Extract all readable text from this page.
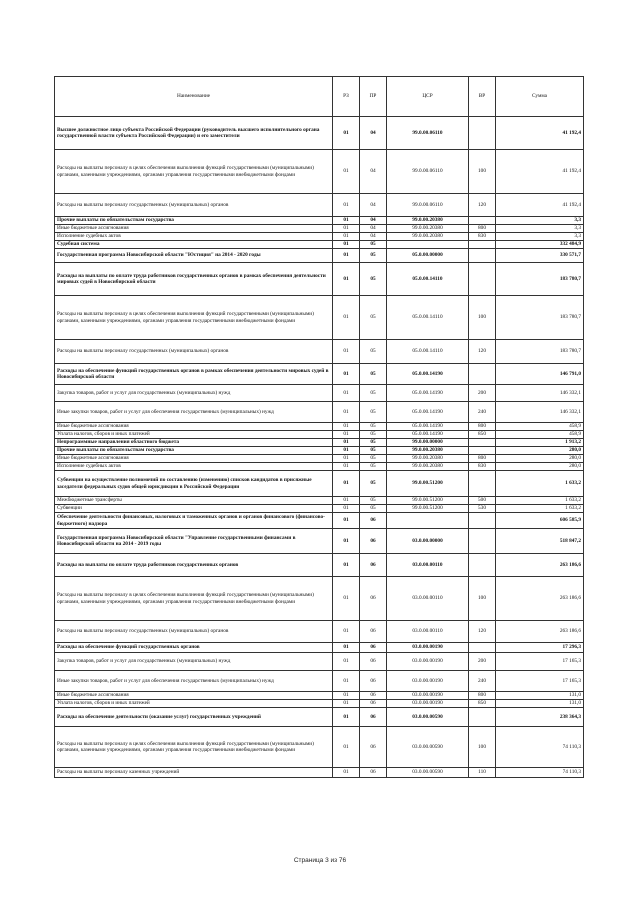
Наименование	РЗ	ПР	ЦСР	ВР	Сумма
Высшее должностное лицо субъекта Российской Федерации (руководитель высшего исполнительного органа государственной власти субъекта Российской Федерации) и его заместители	01	04	99.0.00.06110		41 192,4
Расходы на выплаты персоналу в целях обеспечения выполнения функций государственными (муниципальными) органами, казенными учреждениями, органами управления государственными внебюджетными фондами	01	04	99.0.00.06110	100	41 192,4
Расходы на выплаты персоналу государственных (муниципальных) органов	01	04	99.0.00.06110	120	41 192,4
Прочие выплаты по обязательствам государства	01	04	99.0.00.20380		3,3
Иные бюджетные ассигнования	01	04	99.0.00.20380	800	3,3
Исполнение судебных актов	01	04	99.0.00.20380	830	3,3
Судебная система	01	05			332 484,9
Государственная программа Новосибирской области "Юстиция" на 2014 - 2020 годы	01	05	05.0.00.00000		330 571,7
Расходы на выплаты по оплате труда работников государственных органов в рамках обеспечения деятельности мировых судей в Новосибирской области	01	05	05.0.00.14110		183 780,7
Расходы на выплаты персоналу в целях обеспечения выполнения функций государственными (муниципальными) органами, казенными учреждениями, органами управления государственными внебюджетными фондами	01	05	05.0.00.14110	100	183 780,7
Расходы на выплаты персоналу государственных (муниципальных) органов	01	05	05.0.00.14110	120	183 780,7
Расходы на обеспечение функций государственных органов в рамках обеспечения деятельности мировых судей в Новосибирской области	01	05	05.0.00.14190		146 791,0
Закупка товаров, работ и услуг для государственных (муниципальных) нужд	01	05	05.0.00.14190	200	146 332,1
Иные закупки товаров, работ и услуг для обеспечения государственных (муниципальных) нужд	01	05	05.0.00.14190	240	146 332,1
Иные бюджетные ассигнования	01	05	05.0.00.14190	800	458,9
Уплата налогов, сборов и иных платежей	01	05	05.0.00.14190	850	458,9
Непрограммные направления областного бюджета	01	05	99.0.00.00000		1 913,2
Прочие выплаты по обязательствам государства	01	05	99.0.00.20380		280,0
Иные бюджетные ассигнования	01	05	99.0.00.20380	800	280,0
Исполнение судебных актов	01	05	99.0.00.20380	830	280,0
Субвенции на осуществление полномочий по составлению (изменению) списков кандидатов в присяжные заседатели федеральных судов общей юрисдикции в Российской Федерации	01	05	99.0.00.51200		1 633,2
Межбюджетные трансферты	01	05	99.0.00.51200	500	1 633,2
Субвенции	01	05	99.0.00.51200	530	1 633,2
Обеспечение деятельности финансовых, налоговых и таможенных органов и органов финансового (финансово-бюджетного) надзора	01	06			606 585,9
Государственная программа Новосибирской области "Управление государственными финансами в Новосибирской области на 2014 - 2019 годы	01	06	03.0.00.00000		518 847,2
Расходы на выплаты по оплате труда работников государственных органов	01	06	03.0.00.00110		263 186,6
Расходы на выплаты персоналу в целях обеспечения выполнения функций государственными (муниципальными) органами, казенными учреждениями, органами управления государственными внебюджетными фондами	01	06	03.0.00.00110	100	263 186,6
Расходы на выплаты персоналу государственных (муниципальных) органов	01	06	03.0.00.00110	120	263 186,6
Расходы на обеспечение функций государственных органов	01	06	03.0.00.00190		17 296,3
Закупка товаров, работ и услуг для государственных (муниципальных) нужд	01	06	03.0.00.00190	200	17 165,3
Иные закупки товаров, работ и услуг для обеспечения государственных (муниципальных) нужд	01	06	03.0.00.00190	240	17 165,3
Иные бюджетные ассигнования	01	06	03.0.00.00190	800	131,0
Уплата налогов, сборов и иных платежей	01	06	03.0.00.00190	850	131,0
Расходы на обеспечение деятельности (оказание услуг) государственных учреждений	01	06	03.0.00.00590		238 364,3
Расходы на выплаты персоналу в целях обеспечения выполнения функций государственными (муниципальными) органами, казенными учреждениями, органами управления государственными внебюджетными фондами	01	06	03.0.00.00590	100	74 110,3
Расходы на выплаты персоналу казенных учреждений	01	06	03.0.00.00590	110	74 110,3
Страница 3 из 76
